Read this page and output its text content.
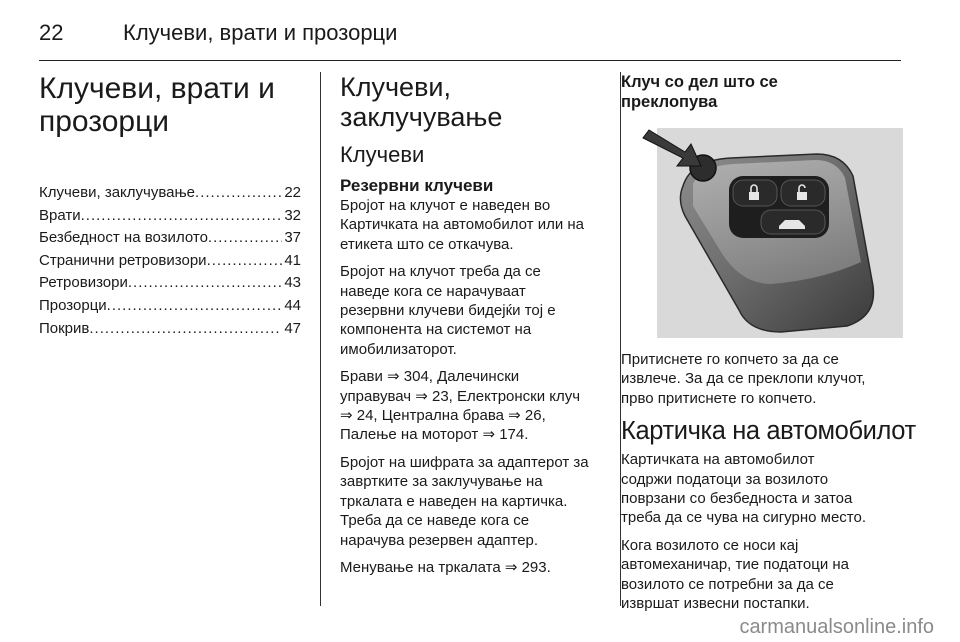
22	Клучеви, врати и прозорци
Клучеви, врати и
прозорци
Клучеви, заклучување .....	22
Врати .....	32
Безбедност на возилото .....	37
Странични ретровизори .....	41
Ретровизори .....	43
Прозорци .....	44
Покрив .....	47
Клучеви, заклучување
Клучеви
Резервни клучеви

Бројот на клучот е наведен во
Картичката на автомобилот или на
етикета што се откачува.

Бројот на клучот треба да се
наведе кога се нарачуваат
резервни клучеви бидејќи тој е
компонента на системот на
имобилизаторот.

Брави ⇒ 304, Далечински
управувач ⇒ 23, Електронски клуч
⇒ 24, Централна брава ⇒ 26,
Палење на моторот ⇒ 174.

Бројот на шифрата за адаптерот за
завртките за заклучување на
тркалата е наведен на картичка.
Треба да се наведе кога се
нарачува резервен адаптер.

Менување на тркалата ⇒ 293.

Клуч со дел што се
преклопува

Притиснете го копчето за да се
извлече. За да се преклопи клучот,
прво притиснете го копчето.

Картичка на автомобилот

Картичката на автомобилот
содржи податоци за возилото
поврзани со безбедноста и затоа
треба да се чува на сигурно место.

Кога возилото се носи кај
автомеханичар, тие податоци на
возилото се потребни за да се
извршат извесни постапки.

carmanualsonline.info
